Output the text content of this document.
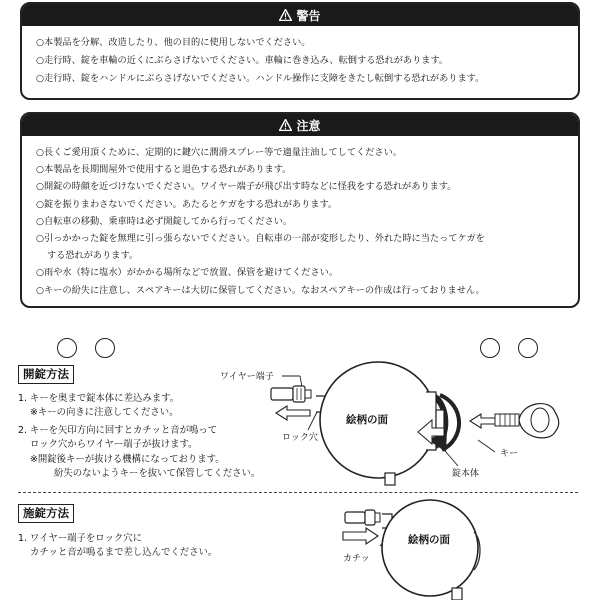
警告
○本製品を分解、改造したり、他の目的に使用しないでください。
○走行時、錠を車輪の近くにぶらさげないでください。車輪に巻き込み、転倒する恐れがあります。
○走行時、錠をハンドルにぶらさげないでください。ハンドル操作に支障をきたし転倒する恐れがあります。
注意
○長くご愛用頂くために、定期的に鍵穴に潤滑スプレー等で適量注油してしてください。
○本製品を長期間屋外で使用すると退色する恐れがあります。
○開錠の時顔を近づけないでください。ワイヤー端子が飛び出す時などに怪我をする恐れがあります。
○錠を振りまわさないでください。あたるとケガをする恐れがあります。
○自転車の移動、乗車時は必ず開錠してから行ってください。
○引っかかった錠を無理に引っ張らないでください。自転車の一部が変形したり、外れた時に当たってケガを
する恐れがあります。
○雨や水（特に塩水）がかかる場所などで放置、保管を避けてください。
○キーの紛失に注意し、スペアキーは大切に保管してください。なおスペアキーの作成は行っておりません。
開錠方法
1. キーを奥まで錠本体に差込みます。
※キーの向きに注意してください。
2. キーを矢印方向に回すとカチッと音が鳴って
ロック穴からワイヤー端子が抜けます。
※開錠後キーが抜ける機構になっております。
紛失のないようキーを抜いて保管してください。
ワイヤー端子
ロック穴
絵柄の面
キー
錠本体
施錠方法
1. ワイヤー端子をロック穴に
カチッと音が鳴るまで差し込んでください。
カチッ
絵柄の面
